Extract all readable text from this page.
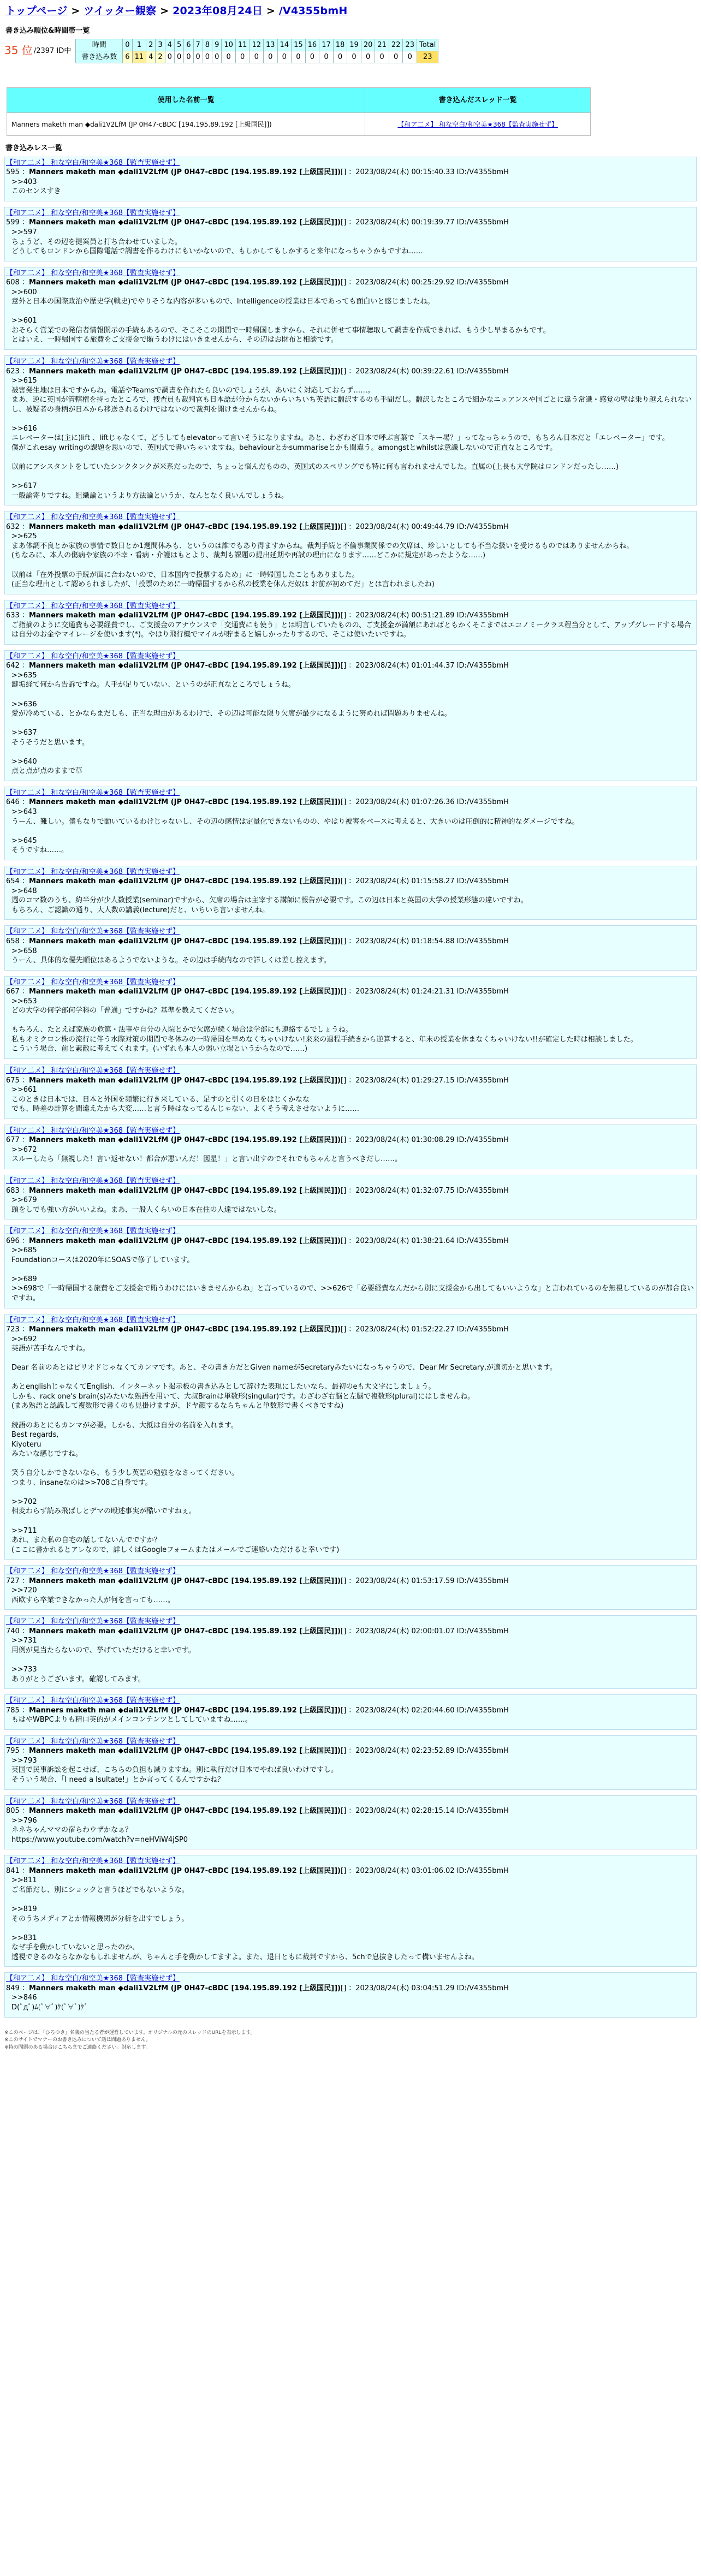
トップページ > ツイッター観察 > 2023年08月24日 > /V4355bmH
書き込み順位&時間帯一覧
35 位 /2397 ID中
時間	0	1	2	3	4	5	6	7	8	9	10	11	12	13	14	15	16	17	18	19	20	21	22	23	Total
書き込み数	6	11	4	2	0	0	0	0	0	0	0	0	0	0	0	0	0	0	0	0	0	0	0	0	23
使用した名前一覧	書き込んだスレッド一覧
Manners maketh man ◆dali1V2LfM (JP 0H47-cBDC [194.195.89.192 [上級国民]])	【和ア二メ】 和な空白/和空美★368【監査実施せず】
書き込みレス一覧
【和ア二メ】 和な空白/和空美★368【監査実施せず】
595 ：Manners maketh man ◆dali1V2LfM (JP 0H47-cBDC [194.195.89.192 [上級国民]])[] ：2023/08/24(木) 00:15:40.33 ID:/V4355bmH
>>403
このセンスすき
【和ア二メ】 和な空白/和空美★368【監査実施せず】
599 ：Manners maketh man ◆dali1V2LfM (JP 0H47-cBDC [194.195.89.192 [上級国民]])[] ：2023/08/24(木) 00:19:39.77 ID:/V4355bmH
>>597
ちょうど、その辺を提案員と打ち合わせていました。
どうしてもロンドンから国際電話で調書を作るわけにもいかないので、もしかしてもしかすると来年になっちゃうかもですね……
【和ア二メ】 和な空白/和空美★368【監査実施せず】
608 ：Manners maketh man ◆dali1V2LfM (JP 0H47-cBDC [194.195.89.192 [上級国民]])[] ：2023/08/24(木) 00:25:29.92 ID:/V4355bmH
>>600
意外と日本の国際政治や歴史学(戦史)でやりそうな内容が多いもので、Intelligenceの授業は日本であっても面白いと感じましたね。

>>601
おそらく営業での発信者情報開示の手続もあるので、そこそこの期間で一時帰国しますから、それに併せて事情聴取して調書を作成できれば、もう少し早まるかもです。
とはいえ、一時帰国する旅費をご支援金で賄うわけにはいきませんから、その辺はお財布と相談です。
【和ア二メ】 和な空白/和空美★368【監査実施せず】
623 ：Manners maketh man ◆dali1V2LfM (JP 0H47-cBDC [194.195.89.192 [上級国民]])[] ：2023/08/24(木) 00:39:22.61 ID:/V4355bmH
>>615
被害発生地は日本ですからね。電話やTeamsで調書を作れたら良いのでしょうが、あいにく対応しておらず……。
まあ、逆に英国が管轄権を持ったところで、捜査員も裁判官も日本語が分からないからいちいち英語に翻訳するのも手間だし。翻訳したところで細かなニュアンスや国ごとに違う常識・感覚の壁は乗り越えられないし、被疑者の身柄が日本から移送されるわけではないので裁判を開けませんからね。

>>616
エレベーターは(主に)lift 、liftじゃなくて、どうしてもelevatorって言いそうになりますね。あと、わざわざ日本で呼ぶ言葉で「スキー場？」ってなっちゃうので、もちろん日本だと「エレベーター」です。
僕がこれesay writingの課題を思いので、英国式で書いちゃいますね。behaviourとかsummariseとかも間違う。amongstとwhilstは意識しないので正直なところです。

以前にアシスタントをしていたシンクタンクが米系だったので、ちょっと悩んだものの、英国式のスペリングでも特に何も言われませんでした。直属の(上長も大学院はロンドンだったし……)

>>617
一般論寄りですね。組織論というより方法論というか、なんとなく良いんでしょうね。
【和ア二メ】 和な空白/和空美★368【監査実施せず】
632 ：Manners maketh man ◆dali1V2LfM (JP 0H47-cBDC [194.195.89.192 [上級国民]])[] ：2023/08/24(木) 00:49:44.79 ID:/V4355bmH
>>625
まあ体調不良とか家族の事情で数日とか1週間休みも、というのは誰でもあり得ますからね。裁判手続と不倫事業関係での欠席は、珍しいとしても不当な扱いを受けるものではありませんからね。
(ちなみに、本人の傷病や家族の不幸・看病・介護はもとより、裁判も課題の提出延期や再試の理由になります……どこかに規定があったような……)

以前は「在外投票の手続が面に合わないので、日本国内で投票するため」に一時帰国したこともありました。
(正当な理由として認められましたが、「投票のために一時帰国するから私の授業を休んだ奴は お前が初めてだ」とは言われましたね)
【和ア二メ】 和な空白/和空美★368【監査実施せず】
633 ：Manners maketh man ◆dali1V2LfM (JP 0H47-cBDC [194.195.89.192 [上級国民]])[] ：2023/08/24(木) 00:51:21.89 ID:/V4355bmH
ご指摘のように交通費も必要経費でし、ご支援金のアナウンスで「交通費にも使う」とは明言していたものの、ご支援金が満額にあればともかくそこまではエコノミークラス程当分として、アップグレードする場合は自分のお金やマイレージを使います(*)。やはり飛行機でマイルが貯まると嬉しかったりするので、そこは使いたいですね。
【和ア二メ】 和な空白/和空美★368【監査実施せず】
642 ：Manners maketh man ◆dali1V2LfM (JP 0H47-cBDC [194.195.89.192 [上級国民]])[] ：2023/08/24(木) 01:01:44.37 ID:/V4355bmH
>>635
鍵垢経て何から告訴ですね。人手が足りていない、というのが正直なところでしょうね。

>>636
愛が冷めている、とかならまだしも、正当な理由があるわけで、その辺は可能な限り欠席が最少になるように努めれば問題ありませんね。

>>637
そうそうだと思います。

>>640
点と点が点のままで草
【和ア二メ】 和な空白/和空美★368【監査実施せず】
646 ：Manners maketh man ◆dali1V2LfM (JP 0H47-cBDC [194.195.89.192 [上級国民]])[] ：2023/08/24(木) 01:07:26.36 ID:/V4355bmH
>>643
うーん、難しい。僕もなりで動いているわけじゃないし、その辺の感情は定量化できないものの、やはり被害をベースに考えると、大きいのは圧倒的に精神的なダメージですね。

>>645
そうですね……。
【和ア二メ】 和な空白/和空美★368【監査実施せず】
654 ：Manners maketh man ◆dali1V2LfM (JP 0H47-cBDC [194.195.89.192 [上級国民]])[] ：2023/08/24(木) 01:15:58.27 ID:/V4355bmH
>>648
週のコマ数のうち、約半分が少人数授業(seminar)ですから、欠席の場合は主宰する講師に報告が必要です。この辺は日本と英国の大学の授業形態の違いですね。
もちろん、ご認識の通り、大人数の講義(lecture)だと、いちいち言いませんね。
【和ア二メ】 和な空白/和空美★368【監査実施せず】
658 ：Manners maketh man ◆dali1V2LfM (JP 0H47-cBDC [194.195.89.192 [上級国民]])[] ：2023/08/24(木) 01:18:54.88 ID:/V4355bmH
>>658
うーん、具体的な優先順位はあるようでないような。その辺は手続内なので詳しくは差し控えます。
【和ア二メ】 和な空白/和空美★368【監査実施せず】
667 ：Manners maketh man ◆dali1V2LfM (JP 0H47-cBDC [194.195.89.192 [上級国民]])[] ：2023/08/24(木) 01:24:21.31 ID:/V4355bmH
>>653
どの大学の何学部何学科の「普通」ですかね？基準を教えてください。

もちろん、たとえば家族の危篤・法事や自分の入院とかで欠席が続く場合は学部にも連絡するでしょうね。
私もオミクロン株の流行に伴う水際対策の期間で冬休みの一時帰国を早めなくちゃいけない!来来の過程手続きから逆算すると、年末の授業を休まなくちゃいけない!!が確定した時は相談しました。
こういう場合、前と素敵に考えてくれます。(いずれも本人の弱い立場というからなので……)
【和ア二メ】 和な空白/和空美★368【監査実施せず】
675 ：Manners maketh man ◆dali1V2LfM (JP 0H47-cBDC [194.195.89.192 [上級国民]])[] ：2023/08/24(木) 01:29:27.15 ID:/V4355bmH
>>661
このときは日本では、日本と外国を頻繁に行き来している、足すのと引くの日をはじくかなな
でも、時差の計算を間違えたから大変……と言う時はなってるんじゃない、よくそう考えさせないように……
【和ア二メ】 和な空白/和空美★368【監査実施せず】
677 ：Manners maketh man ◆dali1V2LfM (JP 0H47-cBDC [194.195.89.192 [上級国民]])[] ：2023/08/24(木) 01:30:08.29 ID:/V4355bmH
>>672
スルーしたら「無視した！言い返せない！都合が悪いんだ！図星！」と言い出すのでそれでもちゃんと言うべきだし……。
【和ア二メ】 和な空白/和空美★368【監査実施せず】
683 ：Manners maketh man ◆dali1V2LfM (JP 0H47-cBDC [194.195.89.192 [上級国民]])[] ：2023/08/24(木) 01:32:07.75 ID:/V4355bmH
>>679
頭をしでも強い方がいいよね。まあ、一般人くらいの日本在住の人達ではないしな。
【和ア二メ】 和な空白/和空美★368【監査実施せず】
696 ：Manners maketh man ◆dali1V2LfM (JP 0H47-cBDC [194.195.89.192 [上級国民]])[] ：2023/08/24(木) 01:38:21.64 ID:/V4355bmH
>>685
Foundationコースは2020年にSOASで修了しています。

>>689
>>698で「一時帰国する旅費をご支援金で賄うわけにはいきませんからね」と言っているので、>>626で「必要経費なんだから別に支援金から出してもいいような」と言われているのを無視しているのが都合良いですね。
【和ア二メ】 和な空白/和空美★368【監査実施せず】
723 ：Manners maketh man ◆dali1V2LfM (JP 0H47-cBDC [194.195.89.192 [上級国民]])[] ：2023/08/24(木) 01:52:22.27 ID:/V4355bmH
>>692
英語が苦手なんですね。

Dear 名前のあとはピリオドじゃなくてカンマです。あと、その書き方だとGiven nameがSecretaryみたいになっちゃうので、Dear Mr Secretary,が適切かと思います。

あとenglishじゃなくてEnglish、インターネット掲示板の書き込みとして辞けた表現にしたいなら、最初のeも大文字にしましょう。
しかも、rack one's brain(s)みたいな熟語を用いて、大叔Brainは単数形(singular)です。わざわざ右脳と左脳で複数形(plural)にはしませんね。
(まあ熟語と認識して複数形で書くのも見掛けますが、ドヤ顔するならちゃんと単数形で書くべきですね)

続語のあとにもカンマが必要。しかも、大抵は自分の名前を入れます。
Best regards,
Kiyoteru
みたいな感じですね。

笑う自分しかできないなら、もう少し英語の勉強をなさってください。
つまり、insaneなのは>>708ご自身です。

>>702
相変わらず読み飛ばしとデマの殴述事実が酷いですねぇ。

>>711
あれ、また私の自宅の話してないんでですか？
(ここに書かれるとアレなので、詳しくはGoogleフォームまたはメールでご連絡いただけると幸いです)
【和ア二メ】 和な空白/和空美★368【監査実施せず】
727 ：Manners maketh man ◆dali1V2LfM (JP 0H47-cBDC [194.195.89.192 [上級国民]])[] ：2023/08/24(木) 01:53:17.59 ID:/V4355bmH
>>720
西欧すら卒業できなかった人が何を言っても……。
【和ア二メ】 和な空白/和空美★368【監査実施せず】
740 ：Manners maketh man ◆dali1V2LfM (JP 0H47-cBDC [194.195.89.192 [上級国民]])[] ：2023/08/24(木) 02:00:01.07 ID:/V4355bmH
>>731
用例が見当たらないので、挙げていただけると幸いです。

>>733
ありがとうございます。確認してみます。
【和ア二メ】 和な空白/和空美★368【監査実施せず】
785 ：Manners maketh man ◆dali1V2LfM (JP 0H47-cBDC [194.195.89.192 [上級国民]])[] ：2023/08/24(木) 02:20:44.60 ID:/V4355bmH
もはやWBPCよりも精口英的がメインコンテンツとしてしていますね……。
【和ア二メ】 和な空白/和空美★368【監査実施せず】
795 ：Manners maketh man ◆dali1V2LfM (JP 0H47-cBDC [194.195.89.192 [上級国民]])[] ：2023/08/24(木) 02:23:52.89 ID:/V4355bmH
>>793
英国で民事訴訟を起こせば、こちらの負担も減りますね。別に執行だけ日本でやれば良いわけですし。
そういう場合、「I need a Isultate!」とか言ってくるんですかね？
【和ア二メ】 和な空白/和空美★368【監査実施せず】
805 ：Manners maketh man ◆dali1V2LfM (JP 0H47-cBDC [194.195.89.192 [上級国民]])[] ：2023/08/24(木) 02:28:15.14 ID:/V4355bmH
>>796
ネネちゃんママの宿らわウザかなぁ？
https://www.youtube.com/watch?v=neHViW4jSP0
【和ア二メ】 和な空白/和空美★368【監査実施せず】
841 ：Manners maketh man ◆dali1V2LfM (JP 0H47-cBDC [194.195.89.192 [上級国民]])[] ：2023/08/24(木) 03:01:06.02 ID:/V4355bmH
>>811
ご名節だし、別にショックと言うほどでもないような。

>>819
そのうちメディアとか情報機関が分析を出すでしょう。

>>831
なぜ手を動かしていないと思ったのか、
透視できるのならなかなもしれませんが、ちゃんと手を動かしてますよ。また、退日ともに裁判ですから、5chで息抜きしたって構いませんよね。
【和ア二メ】 和な空白/和空美★368【監査実施せず】
849 ：Manners maketh man ◆dali1V2LfM (JP 0H47-cBDC [194.195.89.192 [上級国民]])[] ：2023/08/24(木) 03:04:51.29 ID:/V4355bmH
>>846
D(ﾟдﾟ)ﾑ(ﾟ∀ﾟ)ｹ(ﾟ∀ﾟ)ｹﾞ
※このページは、「ひろゆき」名義の当たる者が運営しています。オリジナルの元のスレッドのURLを表示します。
※このサイトでマナーのお書き込みについて話は問題ありません。
※特の問題のある場合はこちらまでご連絡ください。対応します。
